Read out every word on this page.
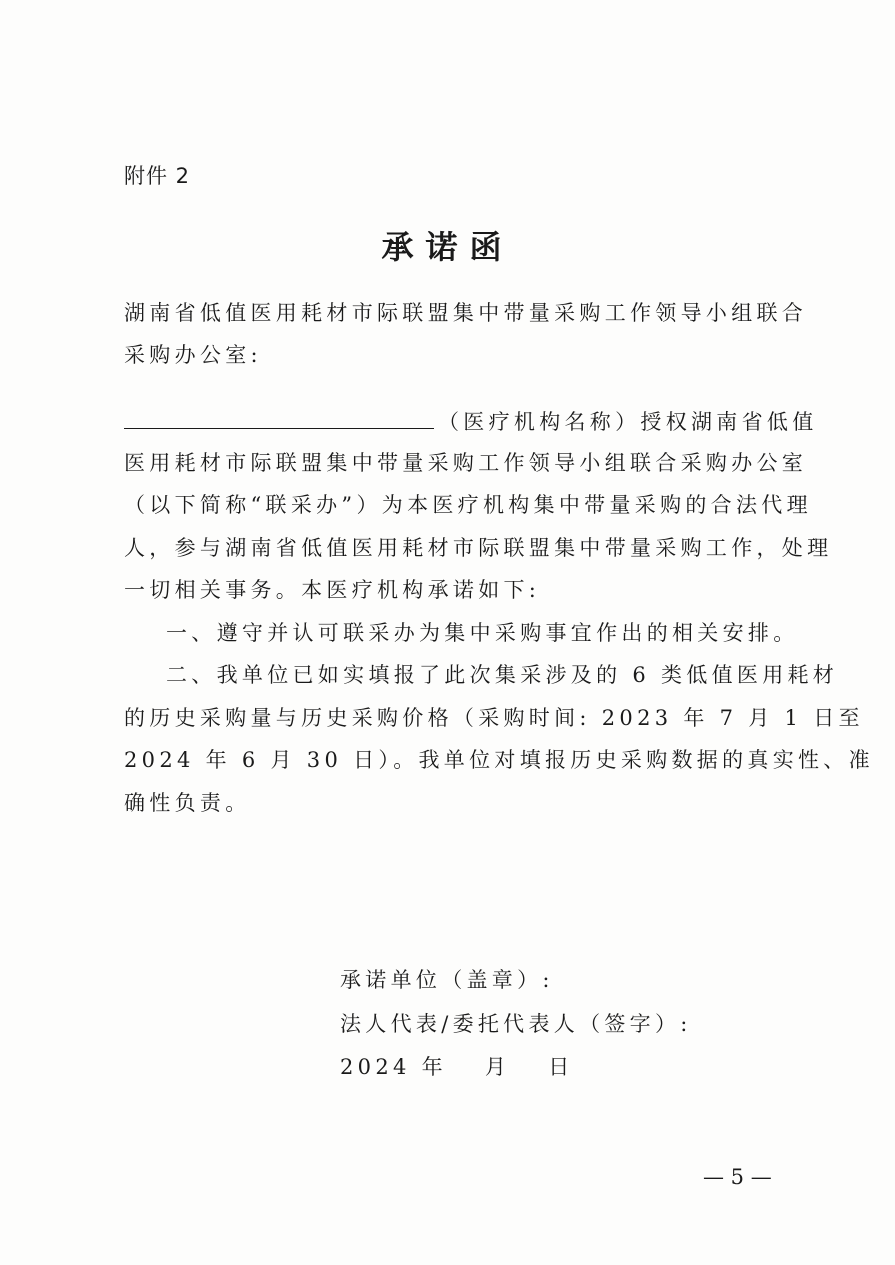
附件 2
承诺函
湖南省低值医用耗材市际联盟集中带量采购工作领导小组联合
采购办公室:
（医疗机构名称）授权湖南省低值
医用耗材市际联盟集中带量采购工作领导小组联合采购办公室
（以下简称“联采办”）为本医疗机构集中带量采购的合法代理
人，参与湖南省低值医用耗材市际联盟集中带量采购工作，处理
一切相关事务。本医疗机构承诺如下:
一、遵守并认可联采办为集中采购事宜作出的相关安排。
二、我单位已如实填报了此次集采涉及的 6 类低值医用耗材
的历史采购量与历史采购价格（采购时间: 2023 年 7 月 1 日至
2024 年 6 月 30 日）。我单位对填报历史采购数据的真实性、准
确性负责。
承诺单位（盖章）:
法人代表/委托代表人（签字）:
2024 年 月 日
— 5 —
